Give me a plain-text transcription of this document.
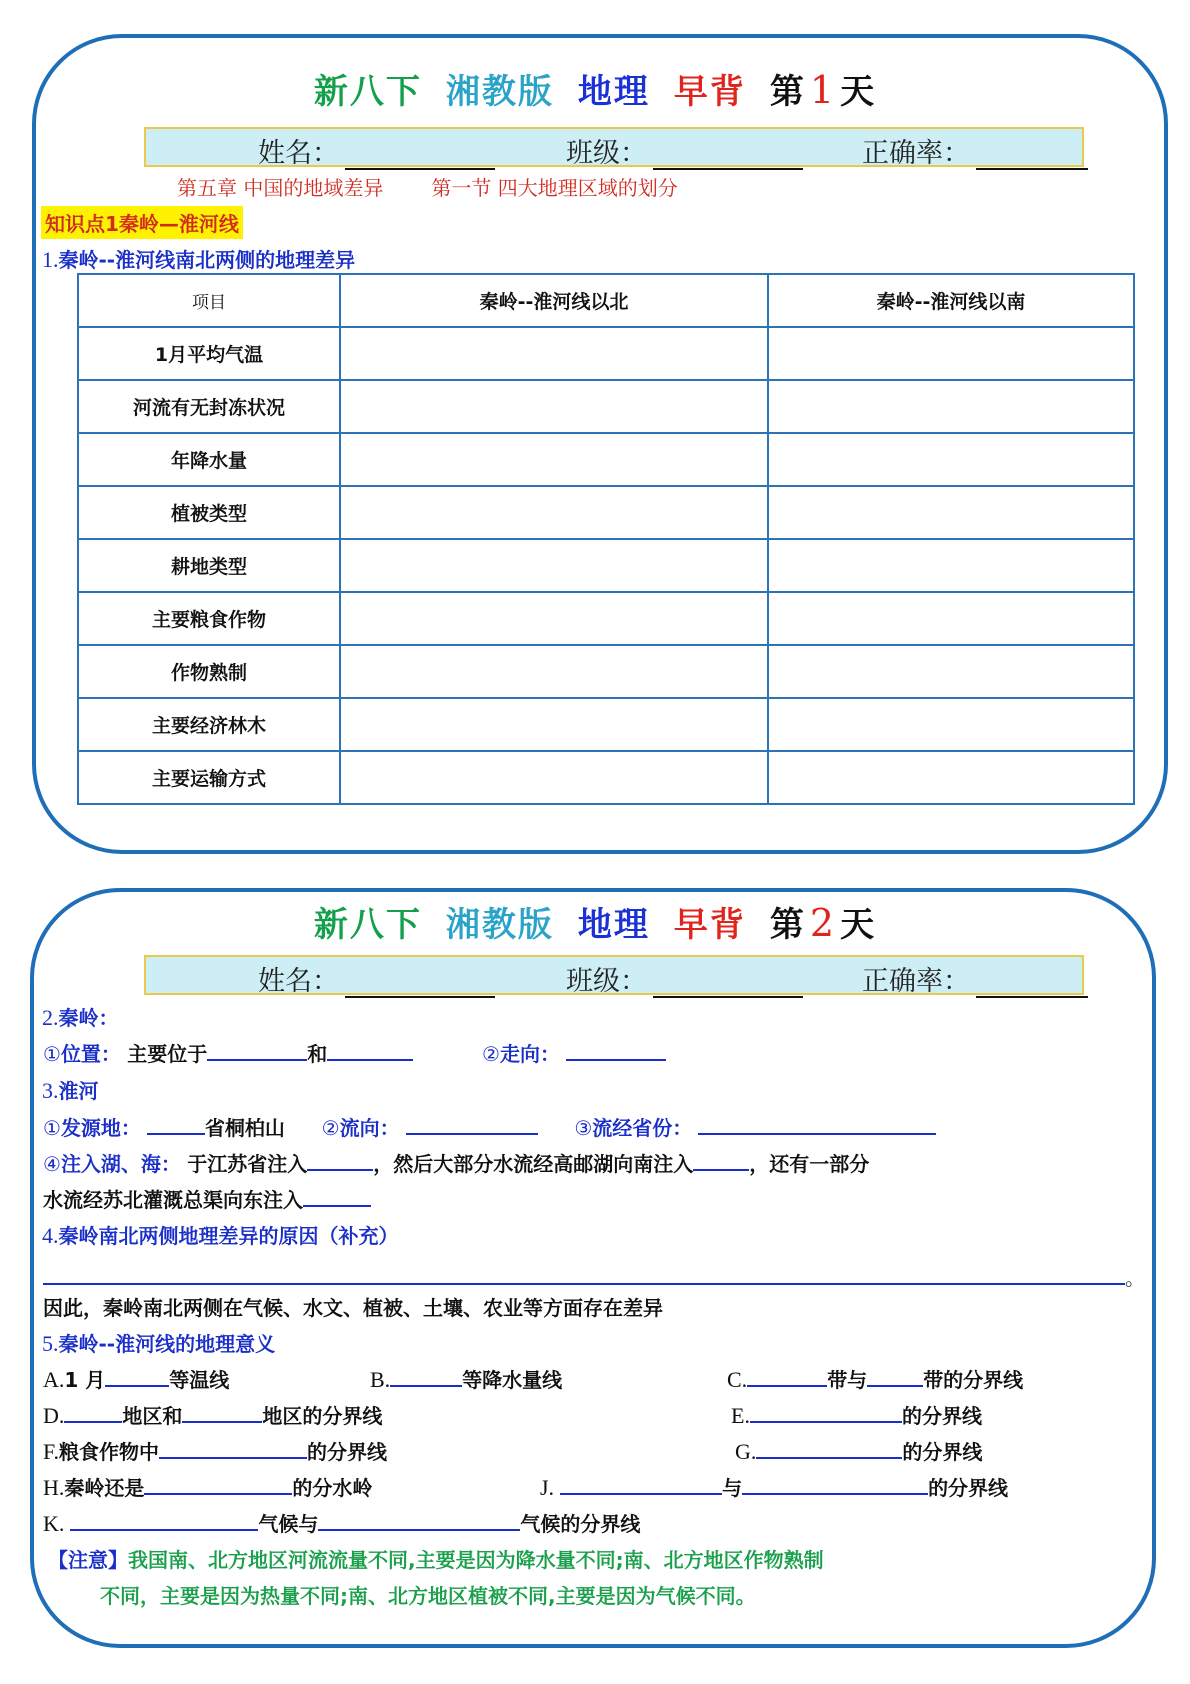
新八下 湘教版 地理 早背 第 1 天
姓名：	班级：	正确率：
第五章 中国的地域差异 第一节 四大地理区域的划分
知识点1秦岭—淮河线
1.秦岭--淮河线南北两侧的地理差异
项目	秦岭--淮河线以北	秦岭--淮河线以南
1月平均气温		
河流有无封冻状况		
年降水量		
植被类型		
耕地类型		
主要粮食作物		
作物熟制		
主要经济林木		
主要运输方式		
新八下 湘教版 地理 早背 第 2 天
姓名：	班级：	正确率：
2.秦岭：
①位置： 主要位于	和	②走向：
3.淮河
①发源地：	省桐柏山 ②流向：	③流经省份：
④注入湖、海： 于江苏省注入	，然后大部分水流经高邮湖向南注入	，还有一部分
水流经苏北灌溉总渠向东注入
4.秦岭南北两侧地理差异的原因（补充）
。
因此，秦岭南北两侧在气候、水文、植被、土壤、农业等方面存在差异
5.秦岭--淮河线的地理意义
A.1 月	等温线	B.	等降水量线	C.	带与	带的分界线
D.	地区和	地区的分界线	E.	的分界线
F.粮食作物中	的分界线	G.	的分界线
H.秦岭还是	的分水岭	J.	与	的分界线
K.	气候与	气候的分界线
【注意】我国南、北方地区河流流量不同,主要是因为降水量不同;南、北方地区作物熟制
不同，主要是因为热量不同;南、北方地区植被不同,主要是因为气候不同。
